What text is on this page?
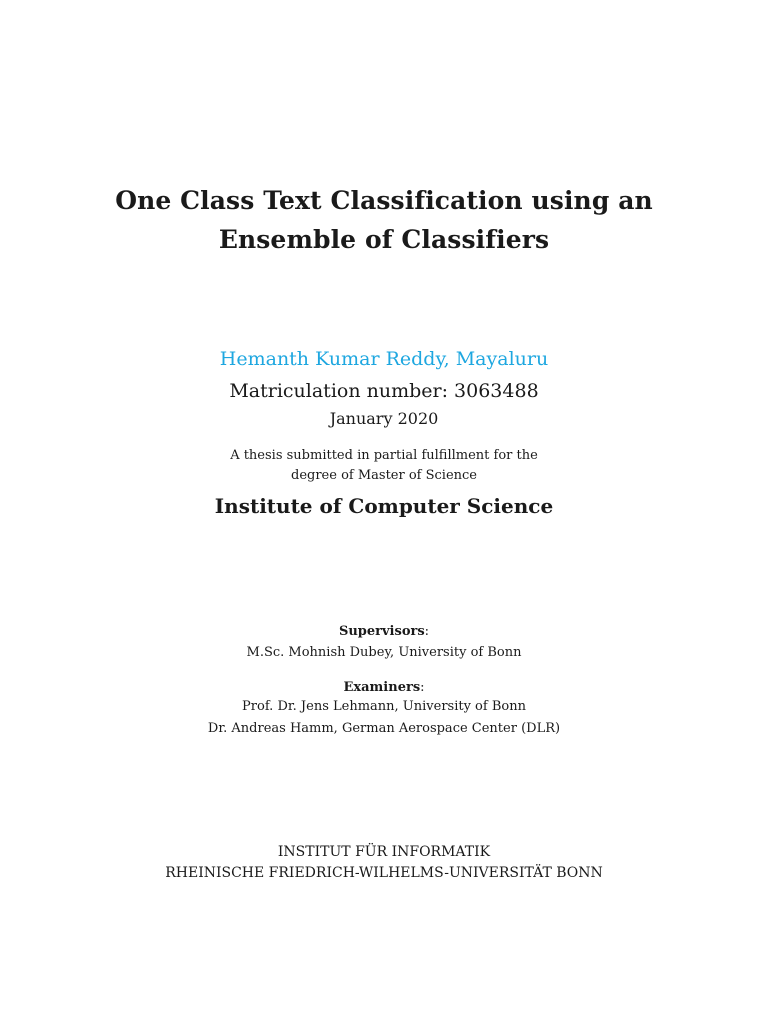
One Class Text Classification using an
Ensemble of Classifiers
Hemanth Kumar Reddy, Mayaluru
Matriculation number: 3063488
January 2020
A thesis submitted in partial fulfillment for the
degree of Master of Science
Institute of Computer Science
Supervisors:
M.Sc. Mohnish Dubey, University of Bonn
Examiners:
Prof. Dr. Jens Lehmann, University of Bonn
Dr. Andreas Hamm, German Aerospace Center (DLR)
INSTITUT FÜR INFORMATIK
RHEINISCHE FRIEDRICH-WILHELMS-UNIVERSITÄT BONN
